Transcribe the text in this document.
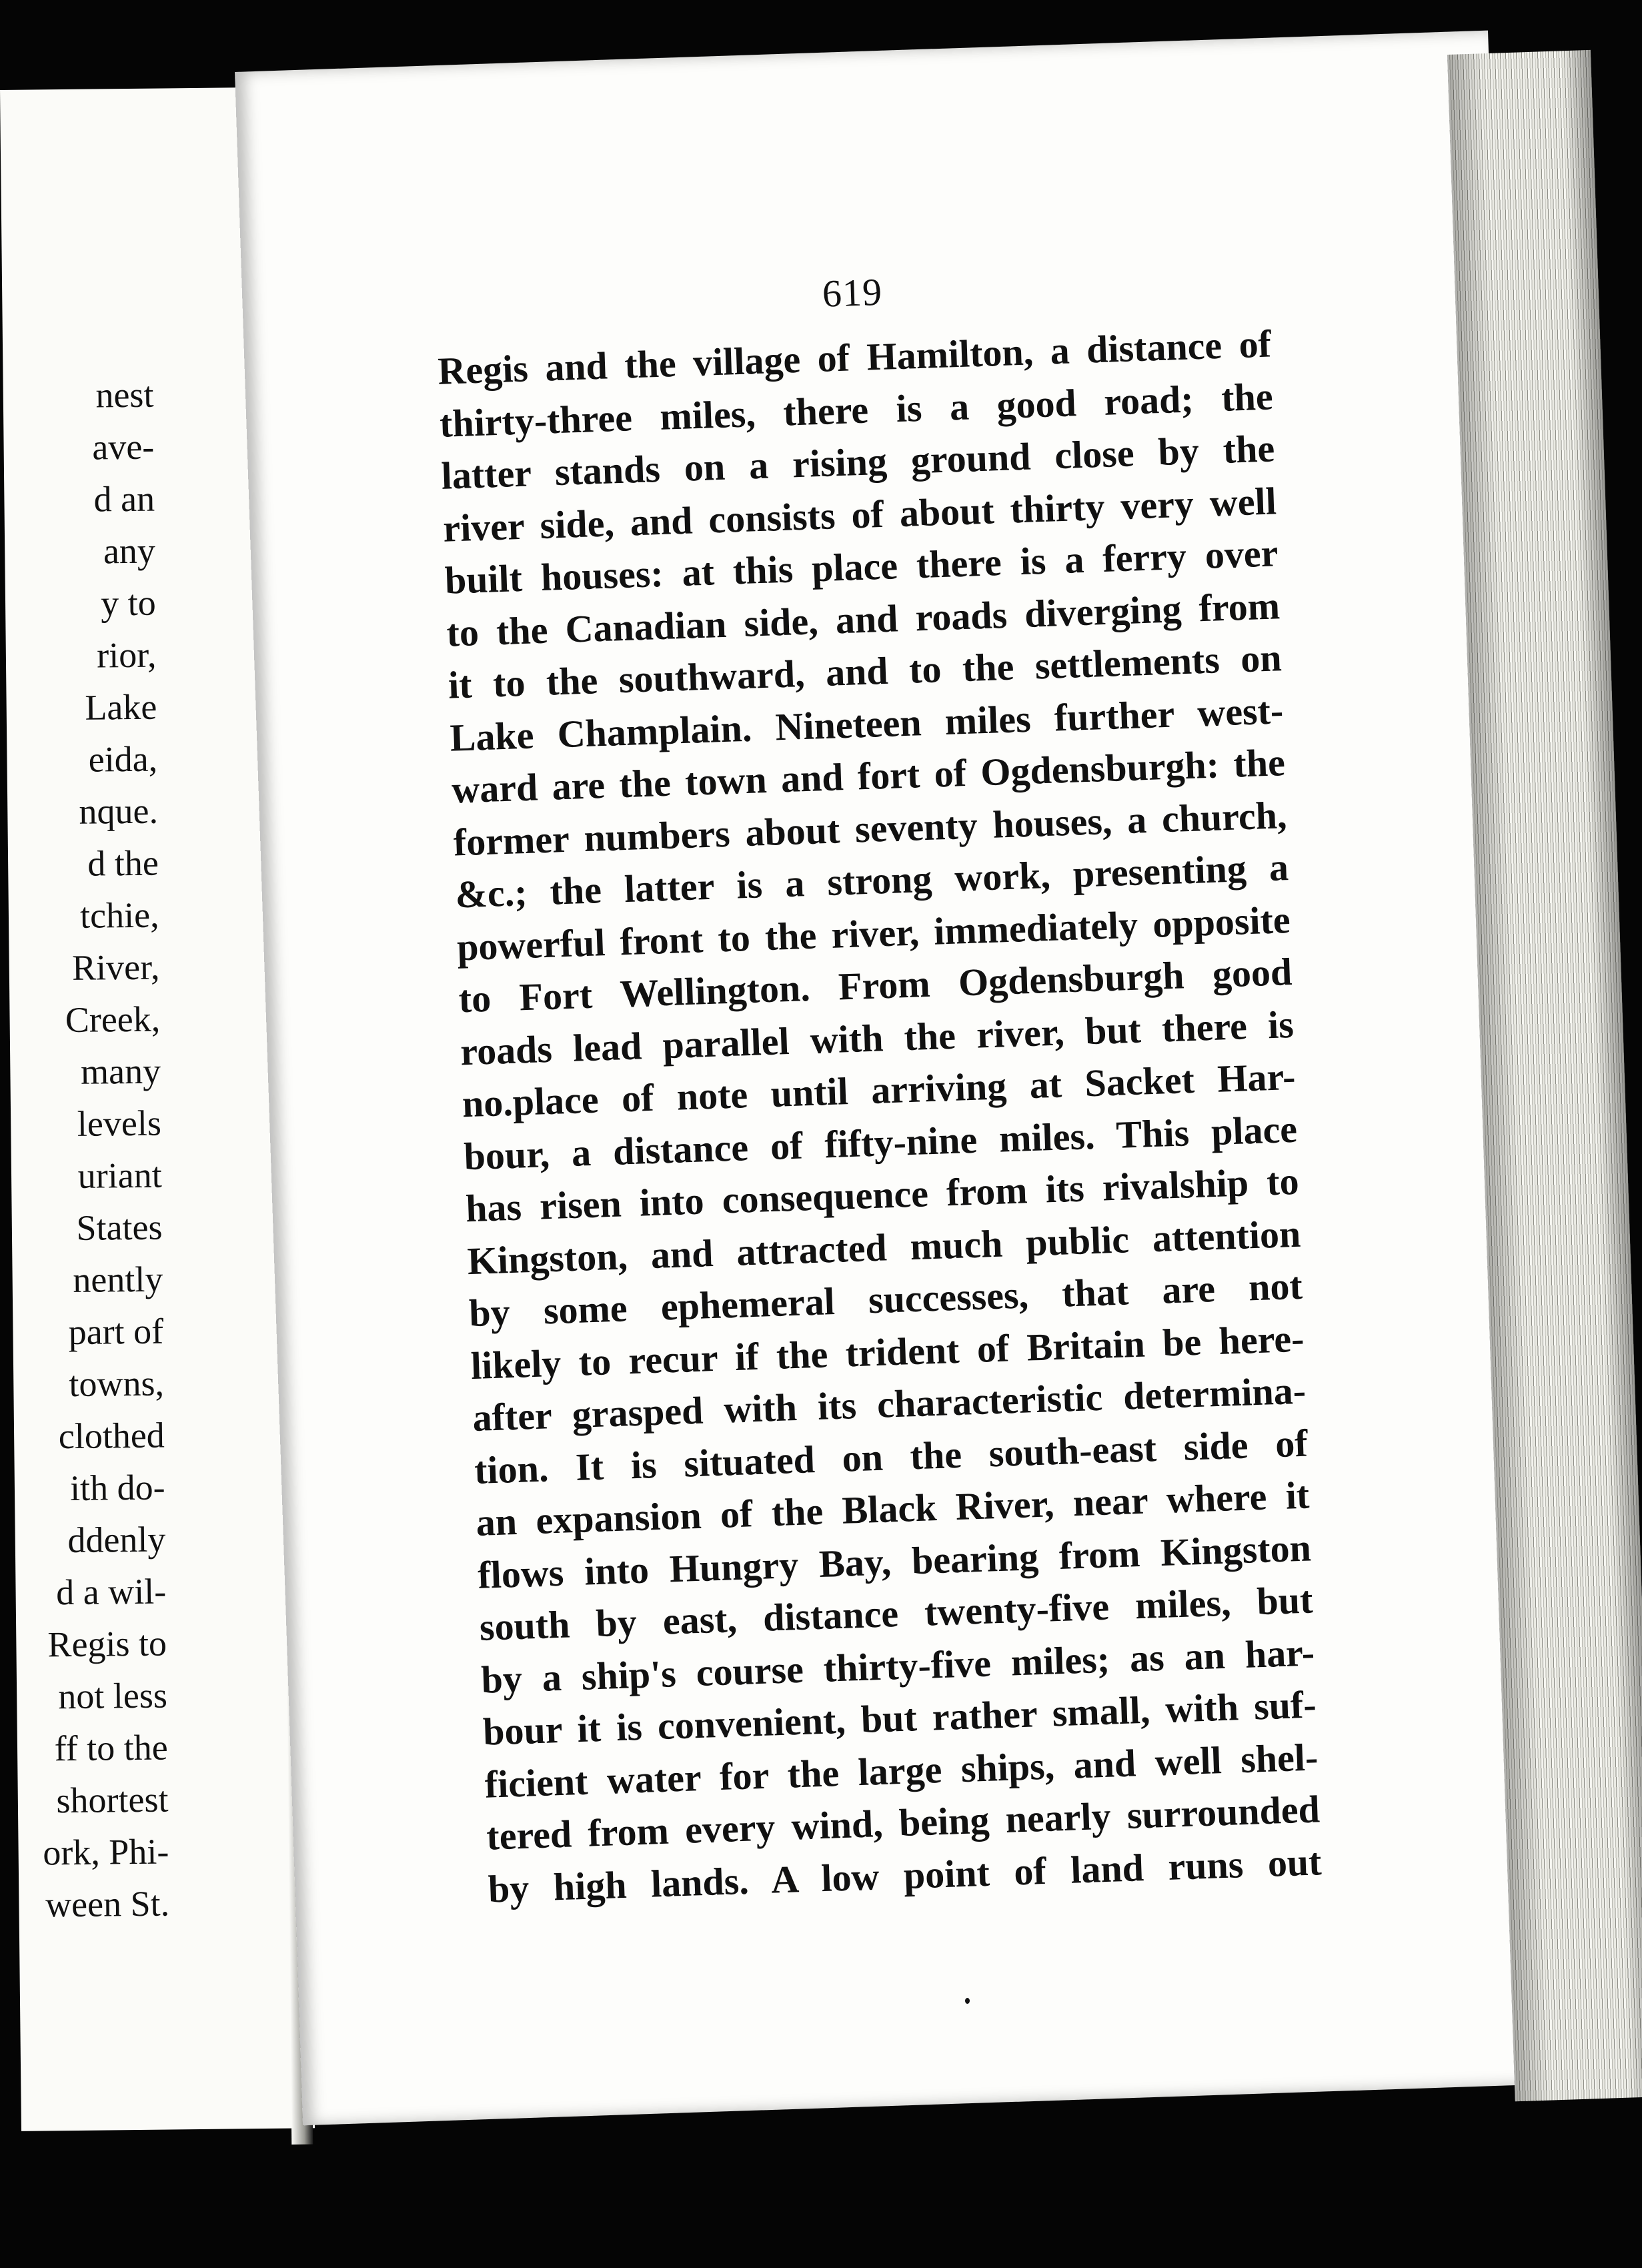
nest
ave-
d an
any
y to
rior,
Lake
eida,
nque.
d the
tchie,
River,
Creek,
many
levels
uriant
States
nently
part of
towns,
clothed
ith do-
ddenly
d a wil-
Regis to
not less
ff to the
shortest
ork, Phi-
ween St.
619
Regis and the village of Hamilton, a distance of
thirty-three miles, there is a good road; the
latter stands on a rising ground close by the
river side, and consists of about thirty very well
built houses: at this place there is a ferry over
to the Canadian side, and roads diverging from
it to the southward, and to the settlements on
Lake Champlain. Nineteen miles further west-
ward are the town and fort of Ogdensburgh: the
former numbers about seventy houses, a church,
&c.; the latter is a strong work, presenting a
powerful front to the river, immediately opposite
to Fort Wellington. From Ogdensburgh good
roads lead parallel with the river, but there is
no.place of note until arriving at Sacket Har-
bour, a distance of fifty-nine miles. This place
has risen into consequence from its rivalship to
Kingston, and attracted much public attention
by some ephemeral successes, that are not
likely to recur if the trident of Britain be here-
after grasped with its characteristic determina-
tion. It is situated on the south-east side of
an expansion of the Black River, near where it
flows into Hungry Bay, bearing from Kingston
south by east, distance twenty-five miles, but
by a ship's course thirty-five miles; as an har-
bour it is convenient, but rather small, with suf-
ficient water for the large ships, and well shel-
tered from every wind, being nearly surrounded
by high lands. A low point of land runs out
